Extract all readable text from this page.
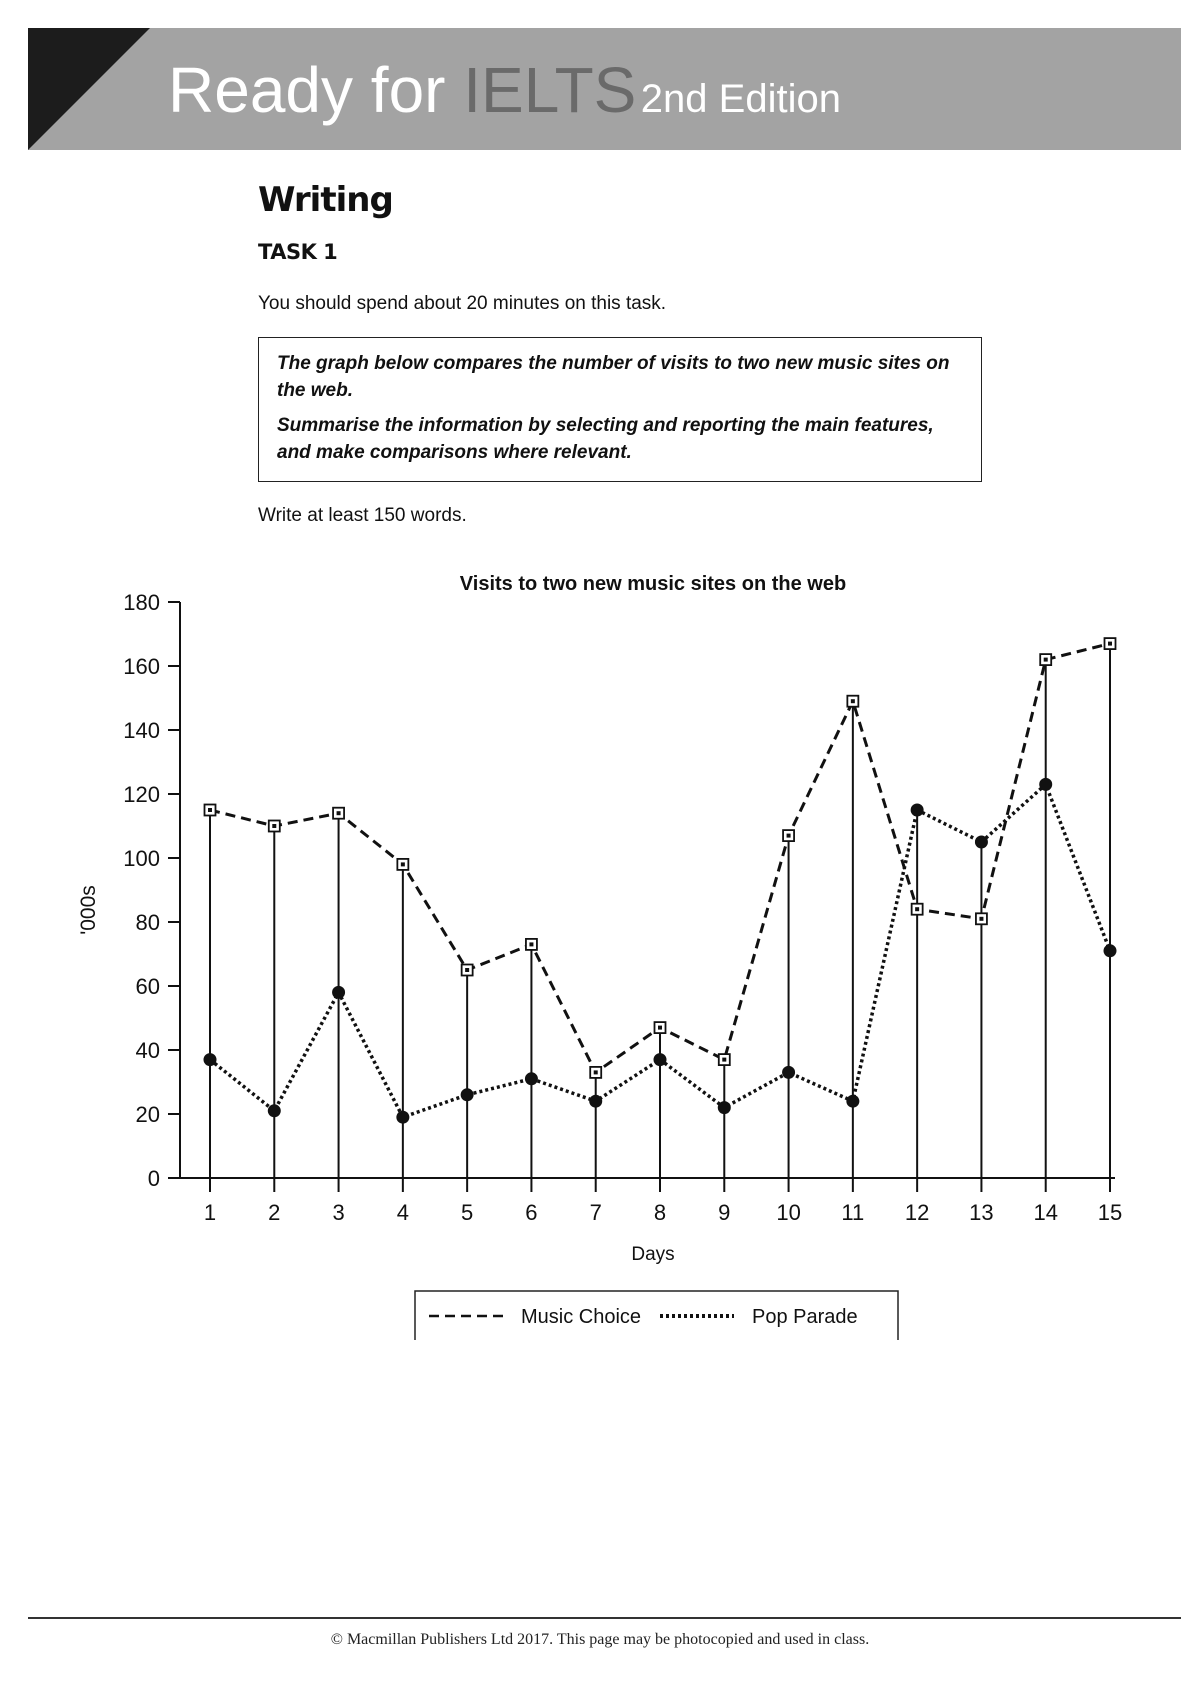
Ready for IELTS 2nd Edition
Writing
TASK 1

You should spend about 20 minutes on this task.

The graph below compares the number of visits to two new music sites on the web.

Summarise the information by selecting and reporting the main features, and make comparisons where relevant.

Write at least 150 words.

Visits to two new music sites on the web
0
20
40
60
80
100
120
140
160
180
1 2 3 4 5 6 7 8 9 10 11 12 13 14 15
'000s
Days
Music Choice	Pop Parade

© Macmillan Publishers Ltd 2017. This page may be photocopied and used in class.
